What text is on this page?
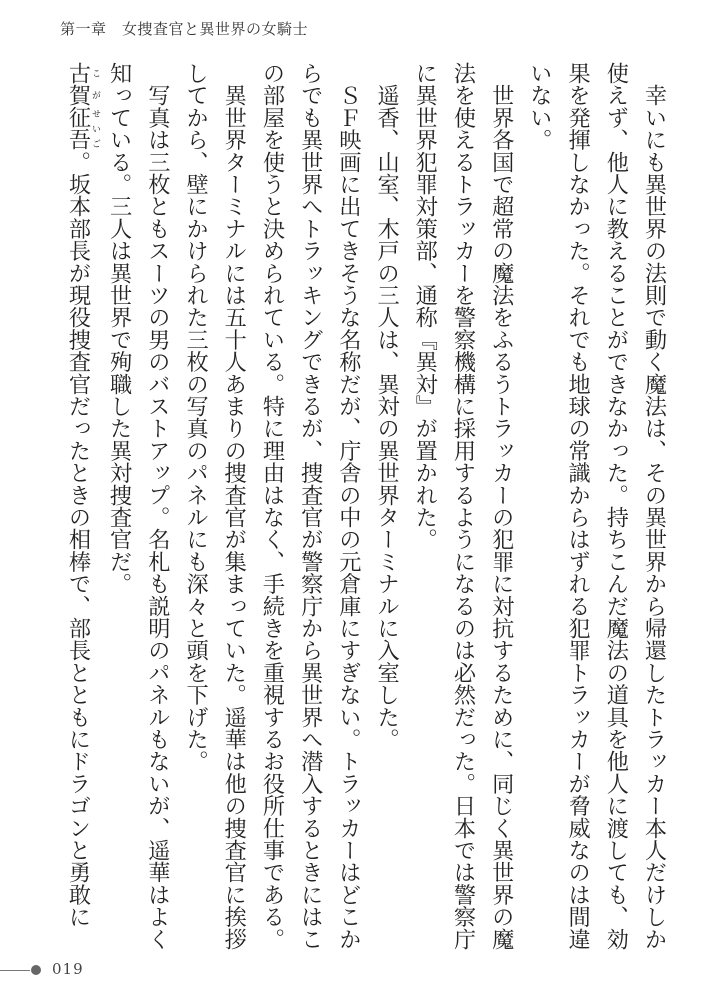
第一章　女捜査官と異世界の女騎士
　幸いにも異世界の法則で動く魔法は、その異世界から帰還したトラッカー本人だけしか
使えず、他人に教えることができなかった。持ちこんだ魔法の道具を他人に渡しても、効
果を発揮しなかった。それでも地球の常識からはずれる犯罪トラッカーが脅威なのは間違
いない。
　世界各国で超常の魔法をふるうトラッカーの犯罪に対抗するために、同じく異世界の魔
法を使えるトラッカーを警察機構に採用するようになるのは必然だった。日本では警察庁
に異世界犯罪対策部、通称『異対』が置かれた。
　遥香、山室、木戸の三人は、異対の異世界ターミナルに入室した。
　ＳＦ映画に出てきそうな名称だが、庁舎の中の元倉庫にすぎない。トラッカーはどこか
らでも異世界へトラッキングできるが、捜査官が警察庁から異世界へ潜入するときにはこ
の部屋を使うと決められている。特に理由はなく、手続きを重視するお役所仕事である。
　異世界ターミナルには五十人あまりの捜査官が集まっていた。遥華は他の捜査官に挨拶
してから、壁にかけられた三枚の写真のパネルにも深々と頭を下げた。
　写真は三枚ともスーツの男のバストアップ。名札も説明のパネルもないが、遥華はよく
知っている。三人は異世界で殉職した異対捜査官だ。
古賀 こが征吾 せいご。坂本部長が現役捜査官だったときの相棒で、部長とともにドラゴンと勇敢に
019
